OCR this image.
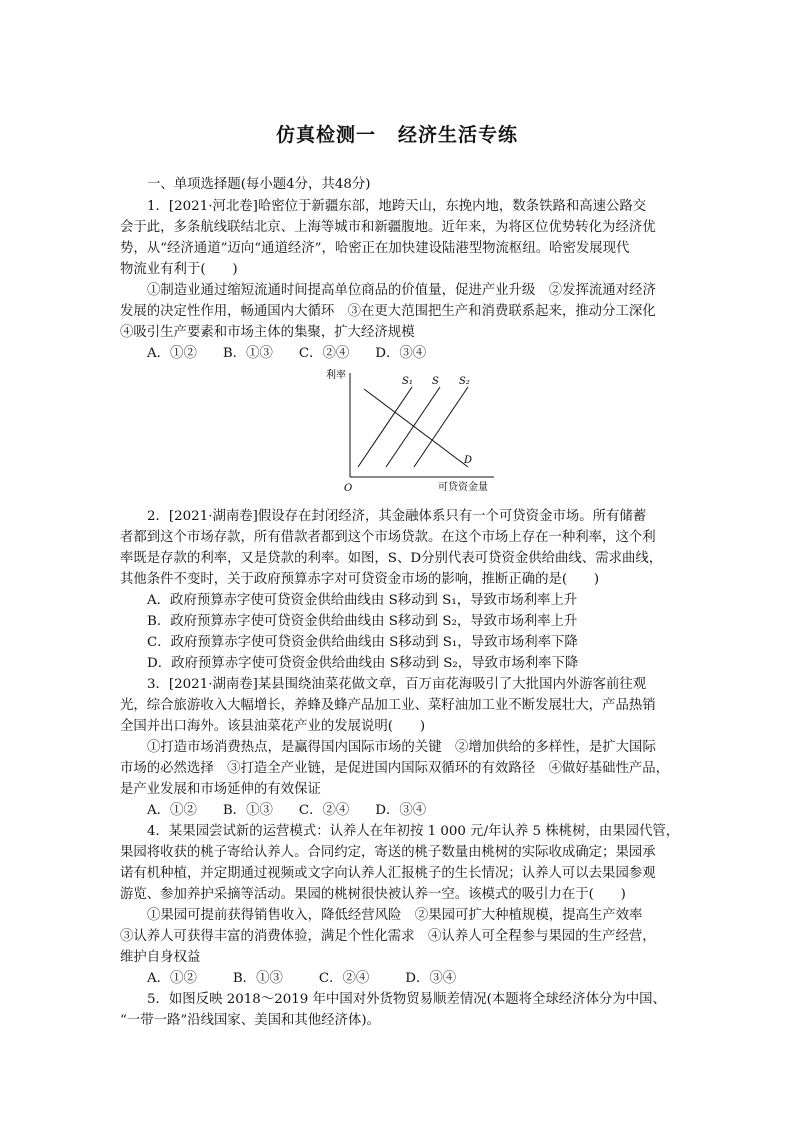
仿真检测一 经济生活专练
一、单项选择题(每小题4分，共48分)
1．[2021·河北卷]哈密位于新疆东部，地跨天山，东挽内地，数条铁路和高速公路交
会于此，多条航线联结北京、上海等城市和新疆腹地。近年来，为将区位优势转化为经济优
势，从“经济通道”迈向“通道经济”，哈密正在加快建设陆港型物流枢纽。哈密发展现代
物流业有利于(　　)
①制造业通过缩短流通时间提高单位商品的价值量，促进产业升级　②发挥流通对经济
发展的决定性作用，畅通国内大循环　③在更大范围把生产和消费联系起来，推动分工深化
④吸引生产要素和市场主体的集聚，扩大经济规模
A．①② B．①③ C．②④ D．③④
利率
可贷资金量
O
S₁ S S₂
D
2．[2021·湖南卷]假设存在封闭经济，其金融体系只有一个可贷资金市场。所有储蓄
者都到这个市场存款，所有借款者都到这个市场贷款。在这个市场上存在一种利率，这个利
率既是存款的利率，又是贷款的利率。如图，S、D分别代表可贷资金供给曲线、需求曲线，
其他条件不变时，关于政府预算赤字对可贷资金市场的影响，推断正确的是(　　)
A．政府预算赤字使可贷资金供给曲线由 S移动到 S₁，导致市场利率上升
B．政府预算赤字使可贷资金供给曲线由 S移动到 S₂，导致市场利率上升
C．政府预算赤字使可贷资金供给曲线由 S移动到 S₁，导致市场利率下降
D．政府预算赤字使可贷资金供给曲线由 S移动到 S₂，导致市场利率下降
3．[2021·湖南卷]某县围绕油菜花做文章，百万亩花海吸引了大批国内外游客前往观
光，综合旅游收入大幅增长，养蜂及蜂产品加工业、菜籽油加工业不断发展壮大，产品热销
全国并出口海外。该县油菜花产业的发展说明(　　)
①打造市场消费热点，是赢得国内国际市场的关键　②增加供给的多样性，是扩大国际
市场的必然选择　③打造全产业链，是促进国内国际双循环的有效路径　④做好基础性产品，
是产业发展和市场延伸的有效保证
A．①② B．①③ C．②④ D．③④
4．某果园尝试新的运营模式：认养人在年初按 1 000 元/年认养 5 株桃树，由果园代管，
果园将收获的桃子寄给认养人。合同约定，寄送的桃子数量由桃树的实际收成确定；果园承
诺有机种植，并定期通过视频或文字向认养人汇报桃子的生长情况；认养人可以去果园参观
游览、参加养护采摘等活动。果园的桃树很快被认养一空。该模式的吸引力在于(　　)
①果园可提前获得销售收入，降低经营风险　②果园可扩大种植规模，提高生产效率
③认养人可获得丰富的消费体验，满足个性化需求　④认养人可全程参与果园的生产经营，
维护自身权益
A．①②	B．①③	C．②④	D．③④
5．如图反映 2018～2019 年中国对外货物贸易顺差情况(本题将全球经济体分为中国、
“一带一路”沿线国家、美国和其他经济体)。
